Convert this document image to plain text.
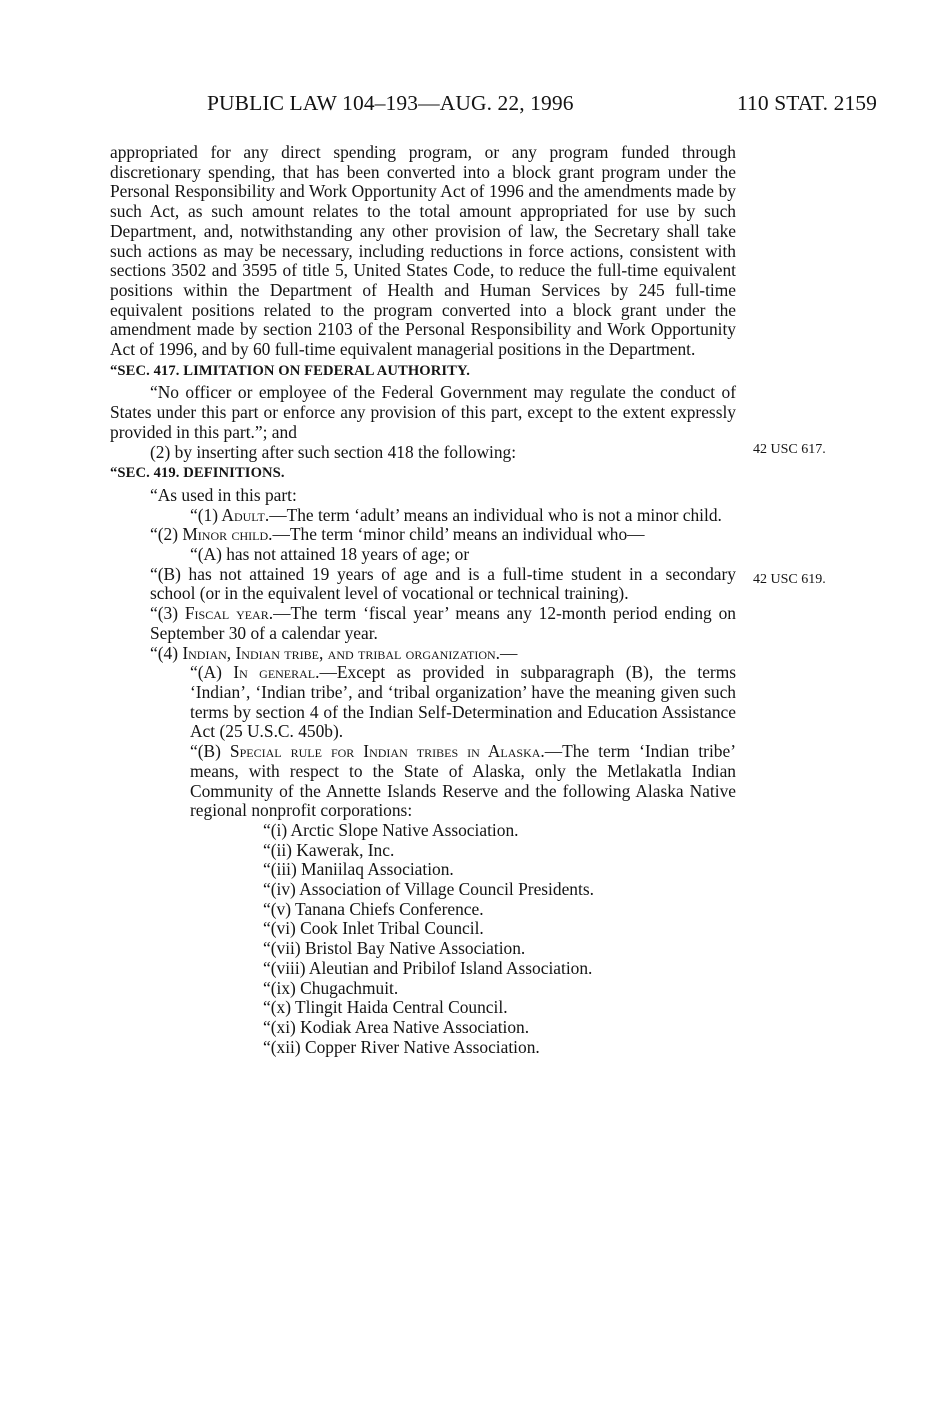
PUBLIC LAW 104–193—AUG. 22, 1996	110 STAT. 2159
42 USC 617.
42 USC 619.

appropriated for any direct spending program, or any program funded through discretionary spending, that has been converted into a block grant program under the Personal Responsibility and Work Opportunity Act of 1996 and the amendments made by such Act, as such amount relates to the total amount appropriated for use by such Department, and, notwithstanding any other provision of law, the Secretary shall take such actions as may be necessary, including reductions in force actions, consistent with sections 3502 and 3595 of title 5, United States Code, to reduce the full-time equivalent positions within the Department of Health and Human Services by 245 full-time equivalent positions related to the program converted into a block grant under the amendment made by section 2103 of the Personal Responsibility and Work Opportunity Act of 1996, and by 60 full-time equivalent managerial positions in the Department.

“SEC. 417. LIMITATION ON FEDERAL AUTHORITY.

“No officer or employee of the Federal Government may regulate the conduct of States under this part or enforce any provision of this part, except to the extent expressly provided in this part.”; and

(2) by inserting after such section 418 the following:

“SEC. 419. DEFINITIONS.

“As used in this part:

“(1) Adult.—The term ‘adult’ means an individual who is not a minor child.

“(2) Minor child.—The term ‘minor child’ means an individual who—

“(A) has not attained 18 years of age; or

“(B) has not attained 19 years of age and is a full-time student in a secondary school (or in the equivalent level of vocational or technical training).

“(3) Fiscal year.—The term ‘fiscal year’ means any 12-month period ending on September 30 of a calendar year.

“(4) Indian, Indian tribe, and tribal organization.—

“(A) In general.—Except as provided in subparagraph (B), the terms ‘Indian’, ‘Indian tribe’, and ‘tribal organization’ have the meaning given such terms by section 4 of the Indian Self-Determination and Education Assistance Act (25 U.S.C. 450b).

“(B) Special rule for Indian tribes in Alaska.—The term ‘Indian tribe’ means, with respect to the State of Alaska, only the Metlakatla Indian Community of the Annette Islands Reserve and the following Alaska Native regional nonprofit corporations:

“(i) Arctic Slope Native Association.

“(ii) Kawerak, Inc.

“(iii) Maniilaq Association.

“(iv) Association of Village Council Presidents.

“(v) Tanana Chiefs Conference.

“(vi) Cook Inlet Tribal Council.

“(vii) Bristol Bay Native Association.

“(viii) Aleutian and Pribilof Island Association.

“(ix) Chugachmuit.

“(x) Tlingit Haida Central Council.

“(xi) Kodiak Area Native Association.

“(xii) Copper River Native Association.
